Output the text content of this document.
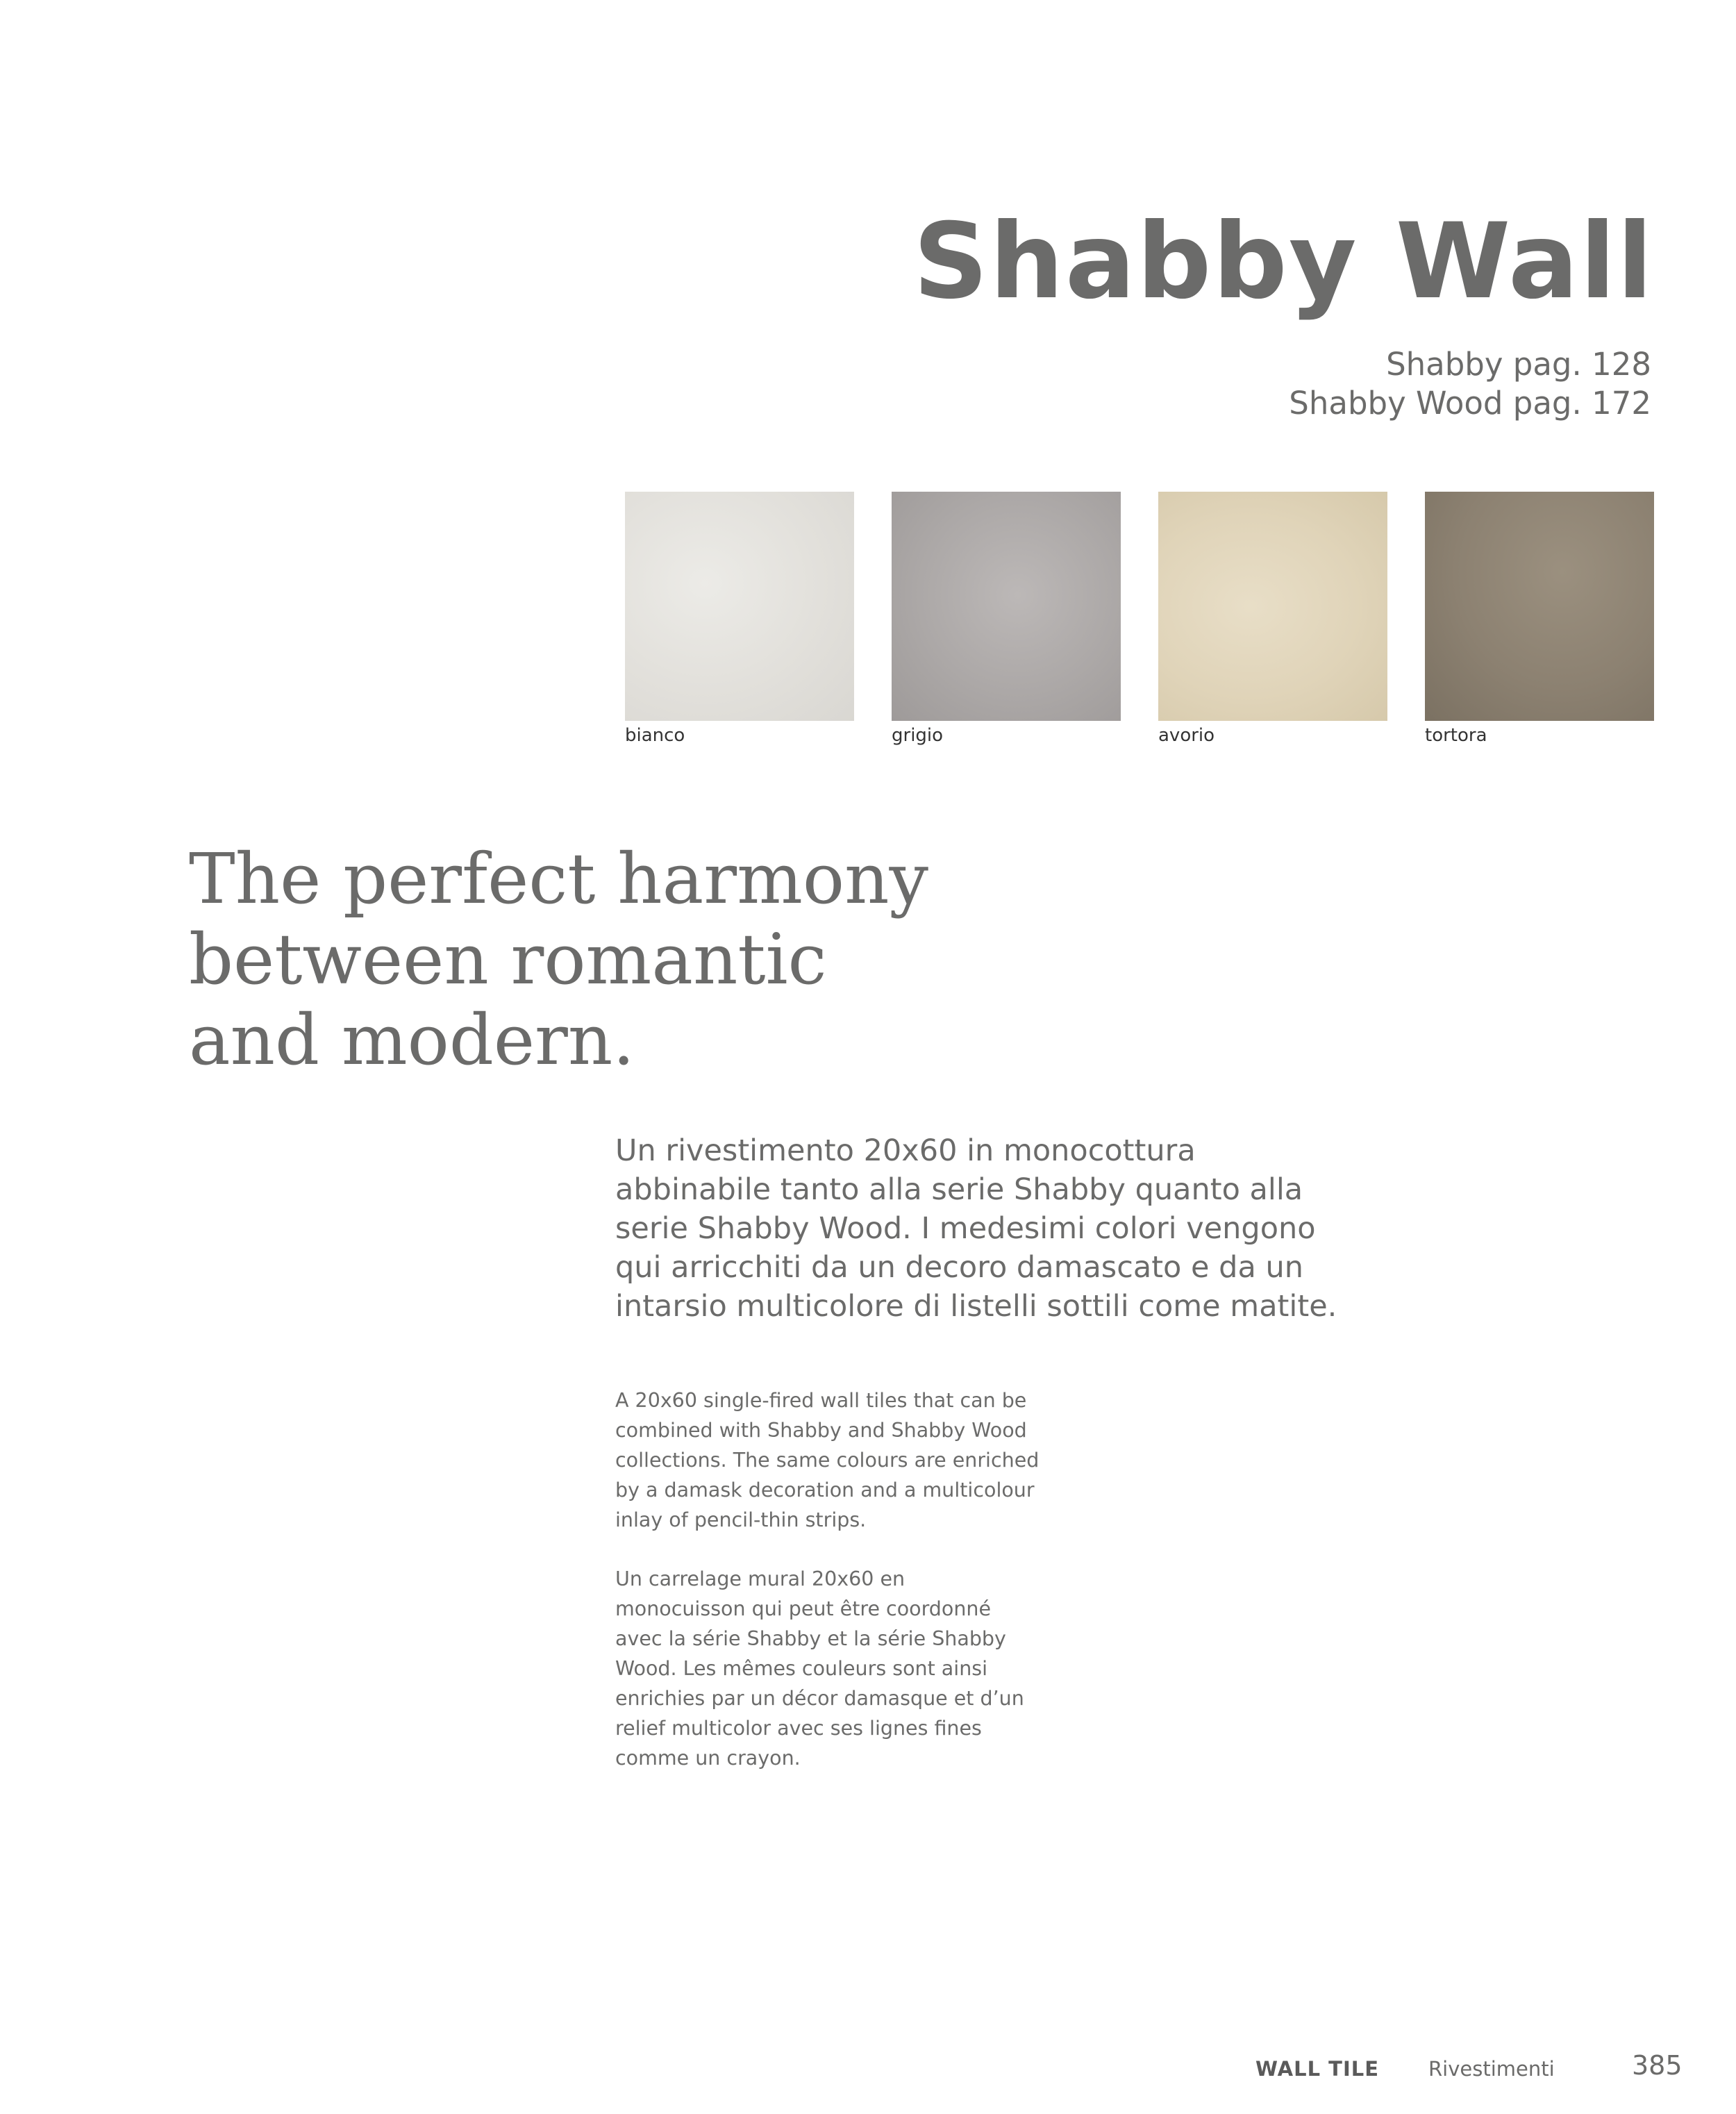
Shabby Wall
Shabby pag. 128
Shabby Wood pag. 172
bianco	grigio	avorio	tortora
The perfect harmony
between romantic
and modern.
Un rivestimento 20x60 in monocottura
abbinabile tanto alla serie Shabby quanto alla
serie Shabby Wood. I medesimi colori vengono
qui arricchiti da un decoro damascato e da un
intarsio multicolore di listelli sottili come matite.
A 20x60 single-fired wall tiles that can be
combined with Shabby and Shabby Wood
collections. The same colours are enriched
by a damask decoration and a multicolour
inlay of pencil-thin strips.
Un carrelage mural 20x60 en
monocuisson qui peut être coordonné
avec la série Shabby et la série Shabby
Wood. Les mêmes couleurs sont ainsi
enrichies par un décor damasque et d’un
relief multicolor avec ses lignes fines
comme un crayon.
WALL TILE Rivestimenti	385
